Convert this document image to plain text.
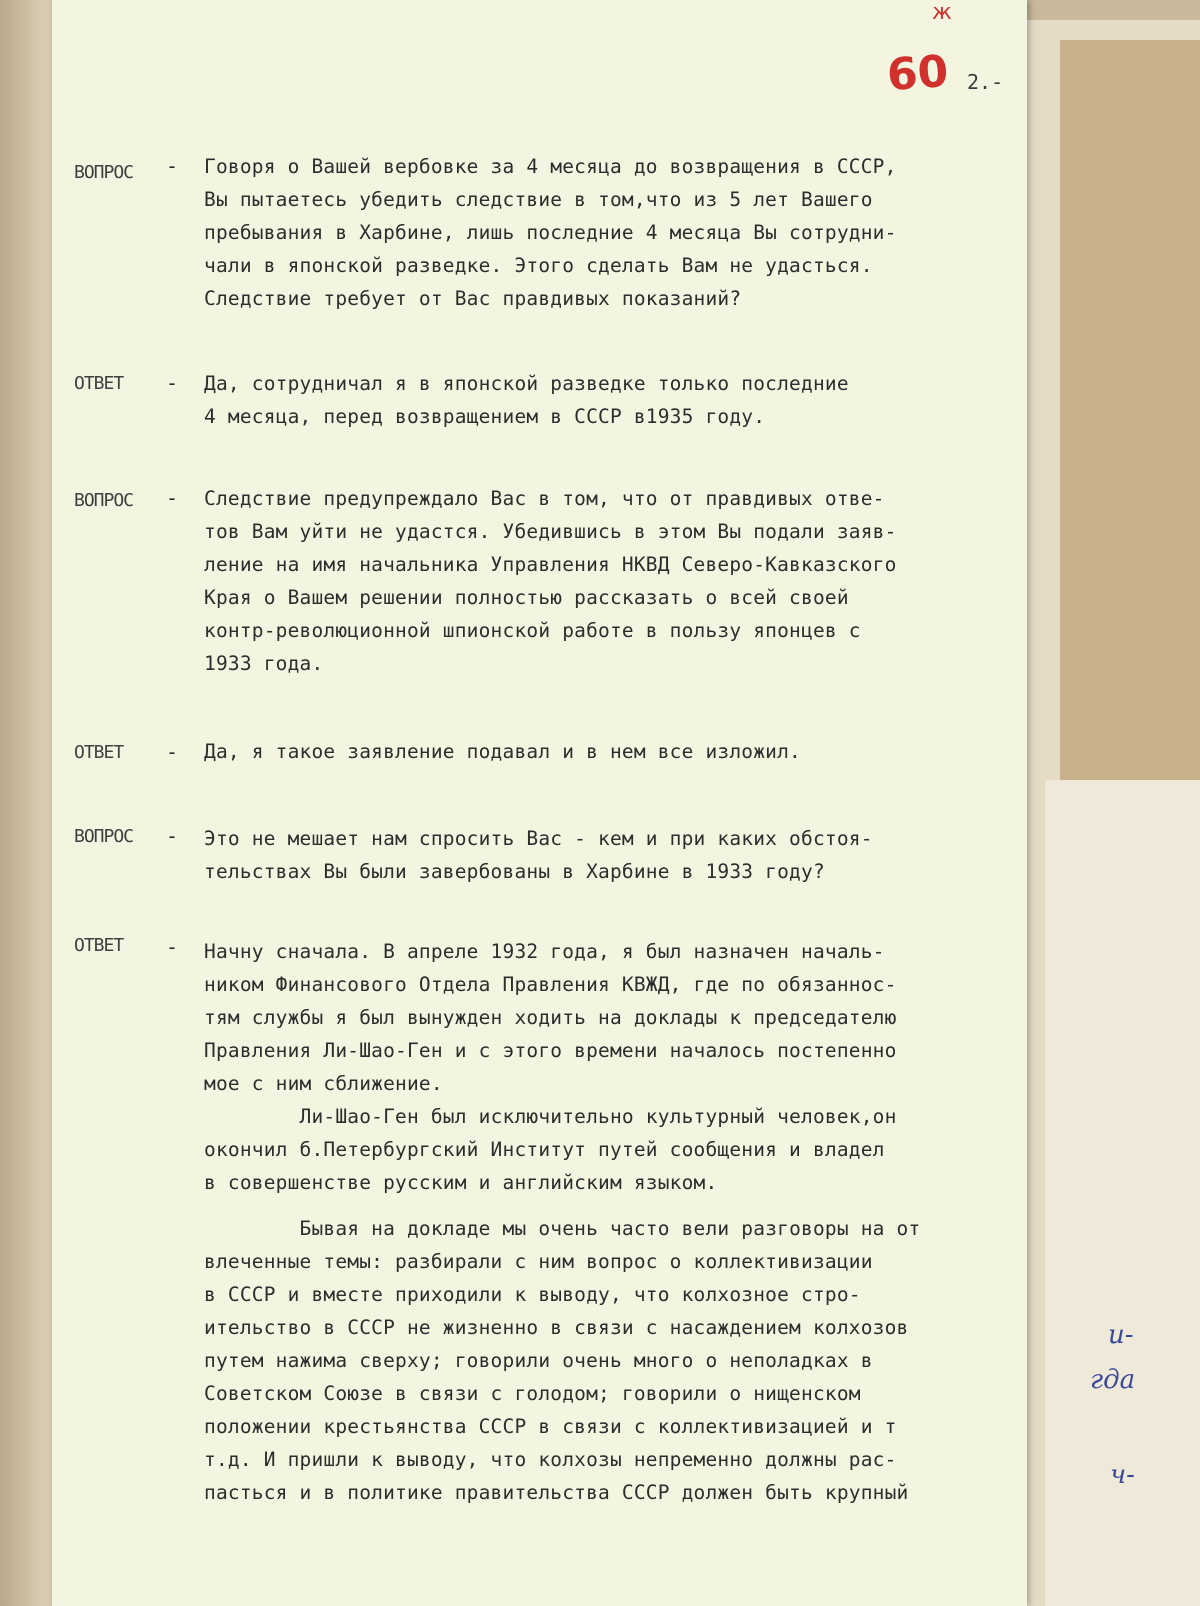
и-
гда
ч-
ж
60 2.-
ВОПРОС - Говоря о Вашей вербовке за 4 месяца до возвращения в СССР,
Вы пытаетесь убедить следствие в том,что из 5 лет Вашего
пребывания в Харбине, лишь последние 4 месяца Вы сотрудни-
чали в японской разведке. Этого сделать Вам не удасться.
Следствие требует от Вас правдивых показаний?
ОТВЕТ - Да, сотрудничал я в японской разведке только последние
4 месяца, перед возвращением в СССР в1935 году.
ВОПРОС - Следствие предупреждало Вас в том, что от правдивых отве-
тов Вам уйти не удастся. Убедившись в этом Вы подали заяв-
ление на имя начальника Управления НКВД Северо-Кавказского
Края о Вашем решении полностью рассказать о всей своей
контр-революционной шпионской работе в пользу японцев с
1933 года.
ОТВЕТ - Да, я такое заявление подавал и в нем все изложил.
ВОПРОС - Это не мешает нам спросить Вас - кем и при каких обстоя-
тельствах Вы были завербованы в Харбине в 1933 году?
ОТВЕТ - Начну сначала. В апреле 1932 года, я был назначен началь-
ником Финансового Отдела Правления КВЖД, где по обязаннос-
тям службы я был вынужден ходить на доклады к председателю
Правления Ли-Шао-Ген и с этого времени началось постепенно
мое с ним сближение.
Ли-Шао-Ген был исключительно культурный человек,он
окончил б.Петербургский Институт путей сообщения и владел
в совершенстве русским и английским языком.
Бывая на докладе мы очень часто вели разговоры на от
влеченные темы: разбирали с ним вопрос о коллективизации
в СССР и вместе приходили к выводу, что колхозное стро-
ительство в СССР не жизненно в связи с насаждением колхозов
путем нажима сверху; говорили очень много о неполадках в
Советском Союзе в связи с голодом; говорили о нищенском
положении крестьянства СССР в связи с коллективизацией и т
т.д. И пришли к выводу, что колхозы непременно должны рас-
пасться и в политике правительства СССР должен быть крупный
